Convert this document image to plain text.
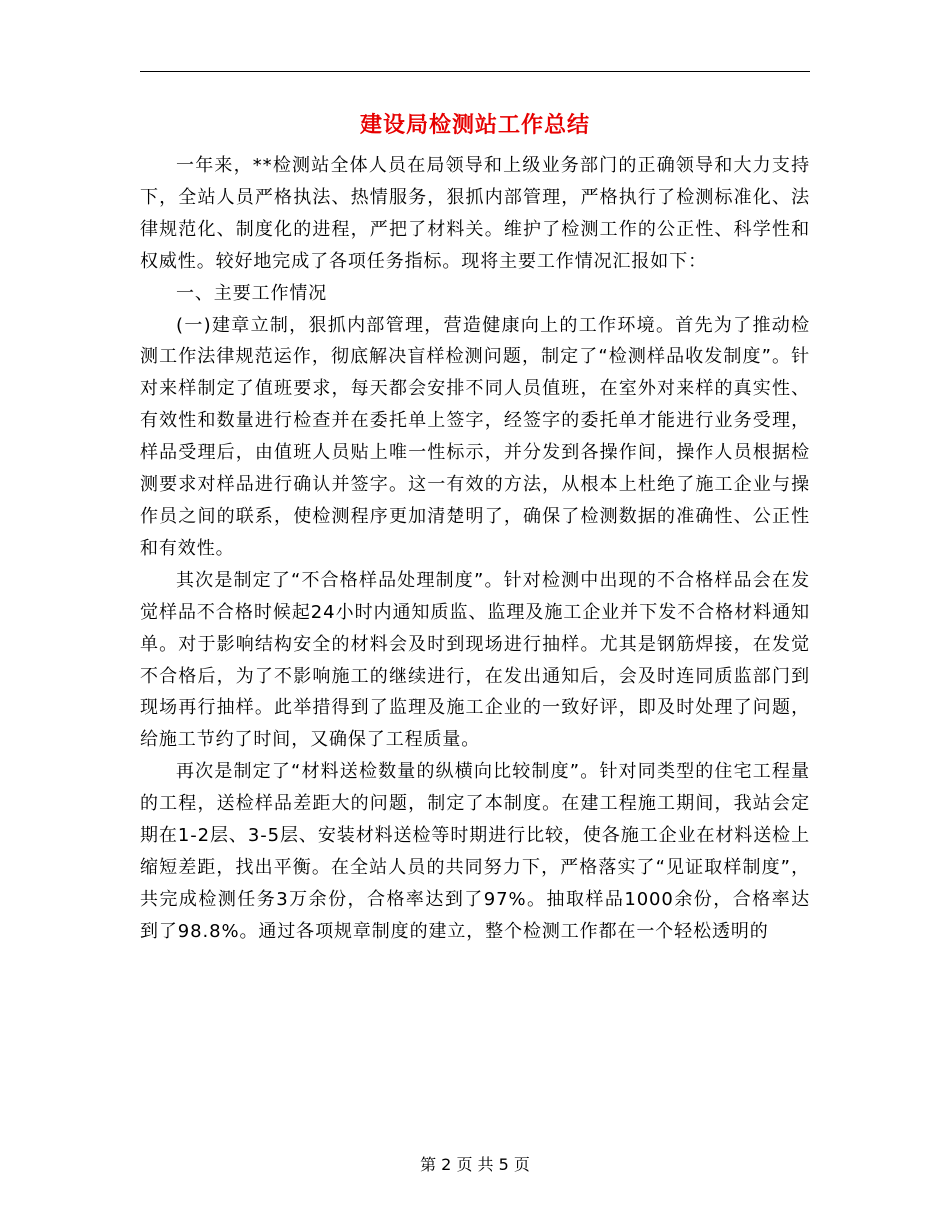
建设局检测站工作总结

一年来，**检测站全体人员在局领导和上级业务部门的正确领导和大力支持下，全站人员严格执法、热情服务，狠抓内部管理，严格执行了检测标准化、法律规范化、制度化的进程，严把了材料关。维护了检测工作的公正性、科学性和权威性。较好地完成了各项任务指标。现将主要工作情况汇报如下：

一、主要工作情况

(一)建章立制，狠抓内部管理，营造健康向上的工作环境。首先为了推动检测工作法律规范运作，彻底解决盲样检测问题，制定了“检测样品收发制度”。针对来样制定了值班要求，每天都会安排不同人员值班，在室外对来样的真实性、有效性和数量进行检查并在委托单上签字，经签字的委托单才能进行业务受理，样品受理后，由值班人员贴上唯一性标示，并分发到各操作间，操作人员根据检测要求对样品进行确认并签字。这一有效的方法，从根本上杜绝了施工企业与操作员之间的联系，使检测程序更加清楚明了，确保了检测数据的准确性、公正性和有效性。

其次是制定了“不合格样品处理制度”。针对检测中出现的不合格样品会在发觉样品不合格时候起24小时内通知质监、监理及施工企业并下发不合格材料通知单。对于影响结构安全的材料会及时到现场进行抽样。尤其是钢筋焊接，在发觉不合格后，为了不影响施工的继续进行，在发出通知后，会及时连同质监部门到现场再行抽样。此举措得到了监理及施工企业的一致好评，即及时处理了问题，给施工节约了时间，又确保了工程质量。

再次是制定了“材料送检数量的纵横向比较制度”。针对同类型的住宅工程量的工程，送检样品差距大的问题，制定了本制度。在建工程施工期间，我站会定期在1-2层、3-5层、安装材料送检等时期进行比较，使各施工企业在材料送检上缩短差距，找出平衡。在全站人员的共同努力下，严格落实了“见证取样制度”，共完成检测任务3万余份，合格率达到了97%。抽取样品1000余份，合格率达到了98.8%。通过各项规章制度的建立，整个检测工作都在一个轻松透明的

第 2 页 共 5 页
